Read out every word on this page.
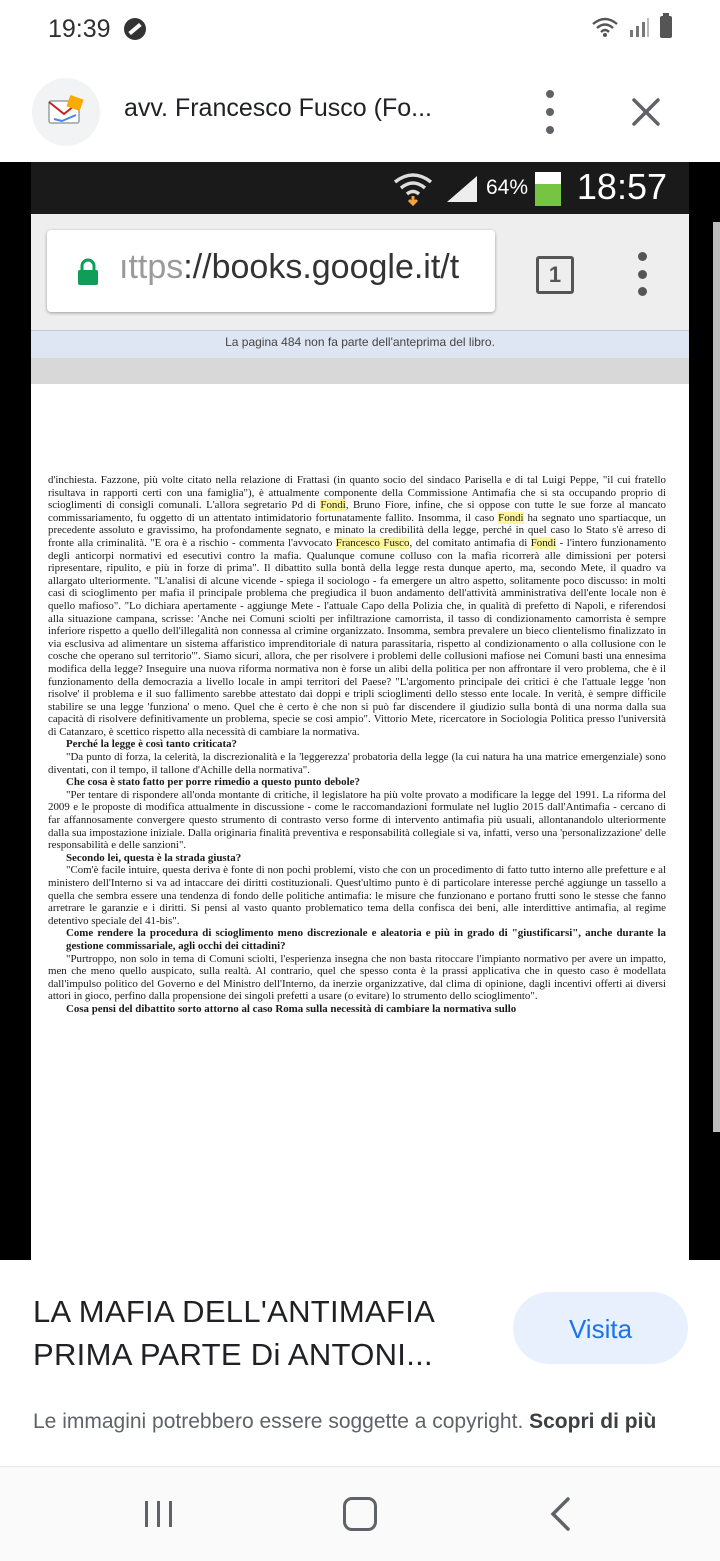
19:39
avv. Francesco Fusco (Fo...
64% 18:57
ıttps://books.google.it/t	1
La pagina 484 non fa parte dell'anteprima del libro.

d'inchiesta. Fazzone, più volte citato nella relazione di Frattasi (in quanto socio del sindaco Parisella e di tal Luigi Peppe, "il cui fratello risultava in rapporti certi con una famiglia"), è attualmente componente della Commissione Antimafia che si sta occupando proprio di scioglimenti di consigli comunali. L'allora segretario Pd di Fondi, Bruno Fiore, infine, che si oppose con tutte le sue forze al mancato commissariamento, fu oggetto di un attentato intimidatorio fortunatamente fallito. Insomma, il caso Fondi ha segnato uno spartiacque, un precedente assoluto e gravissimo, ha profondamente segnato, e minato la credibilità della legge, perché in quel caso lo Stato s'è arreso di fronte alla criminalità. "E ora è a rischio - commenta l'avvocato Francesco Fusco, del comitato antimafia di Fondi - l'intero funzionamento degli anticorpi normativi ed esecutivi contro la mafia. Qualunque comune colluso con la mafia ricorrerà alle dimissioni per potersi ripresentare, ripulito, e più in forze di prima". Il dibattito sulla bontà della legge resta dunque aperto, ma, secondo Mete, il quadro va allargato ulteriormente. "L'analisi di alcune vicende - spiega il sociologo - fa emergere un altro aspetto, solitamente poco discusso: in molti casi di scioglimento per mafia il principale problema che pregiudica il buon andamento dell'attività amministrativa dell'ente locale non è quello mafioso". "Lo dichiara apertamente - aggiunge Mete - l'attuale Capo della Polizia che, in qualità di prefetto di Napoli, e riferendosi alla situazione campana, scrisse: 'Anche nei Comuni sciolti per infiltrazione camorrista, il tasso di condizionamento camorrista è sempre inferiore rispetto a quello dell'illegalità non connessa al crimine organizzato. Insomma, sembra prevalere un bieco clientelismo finalizzato in via esclusiva ad alimentare un sistema affaristico imprenditoriale di natura parassitaria, rispetto al condizionamento o alla collusione con le cosche che operano sul territorio'". Siamo sicuri, allora, che per risolvere i problemi delle collusioni mafiose nei Comuni basti una ennesima modifica della legge? Inseguire una nuova riforma normativa non è forse un alibi della politica per non affrontare il vero problema, che è il funzionamento della democrazia a livello locale in ampi territori del Paese? "L'argomento principale dei critici è che l'attuale legge 'non risolve' il problema e il suo fallimento sarebbe attestato dai doppi e tripli scioglimenti dello stesso ente locale. In verità, è sempre difficile stabilire se una legge 'funziona' o meno. Quel che è certo è che non si può far discendere il giudizio sulla bontà di una norma dalla sua capacità di risolvere definitivamente un problema, specie se così ampio". Vittorio Mete, ricercatore in Sociologia Politica presso l'università di Catanzaro, è scettico rispetto alla necessità di cambiare la normativa.

Perché la legge è così tanto criticata?

"Da punto di forza, la celerità, la discrezionalità e la 'leggerezza' probatoria della legge (la cui natura ha una matrice emergenziale) sono diventati, con il tempo, il tallone d'Achille della normativa".

Che cosa è stato fatto per porre rimedio a questo punto debole?

"Per tentare di rispondere all'onda montante di critiche, il legislatore ha più volte provato a modificare la legge del 1991. La riforma del 2009 e le proposte di modifica attualmente in discussione - come le raccomandazioni formulate nel luglio 2015 dall'Antimafia - cercano di far affannosamente convergere questo strumento di contrasto verso forme di intervento antimafia più usuali, allontanandolo ulteriormente dalla sua impostazione iniziale. Dalla originaria finalità preventiva e responsabilità collegiale si va, infatti, verso una 'personalizzazione' delle responsabilità e delle sanzioni".

Secondo lei, questa è la strada giusta?

"Com'è facile intuire, questa deriva è fonte di non pochi problemi, visto che con un procedimento di fatto tutto interno alle prefetture e al ministero dell'Interno si va ad intaccare dei diritti costituzionali. Quest'ultimo punto è di particolare interesse perché aggiunge un tassello a quella che sembra essere una tendenza di fondo delle politiche antimafia: le misure che funzionano e portano frutti sono le stesse che fanno arretrare le garanzie e i diritti. Si pensi al vasto quanto problematico tema della confisca dei beni, alle interdittive antimafia, al regime detentivo speciale del 41-bis".

Come rendere la procedura di scioglimento meno discrezionale e aleatoria e più in grado di "giustificarsi", anche durante la gestione commissariale, agli occhi dei cittadini?

"Purtroppo, non solo in tema di Comuni sciolti, l'esperienza insegna che non basta ritoccare l'impianto normativo per avere un impatto, men che meno quello auspicato, sulla realtà. Al contrario, quel che spesso conta è la prassi applicativa che in questo caso è modellata dall'impulso politico del Governo e del Ministro dell'Interno, da inerzie organizzative, dal clima di opinione, dagli incentivi offerti ai diversi attori in gioco, perfino dalla propensione dei singoli prefetti a usare (o evitare) lo strumento dello scioglimento".

Cosa pensi del dibattito sorto attorno al caso Roma sulla necessità di cambiare la normativa sullo

LA MAFIA DELL'ANTIMAFIA PRIMA PARTE Di ANTONI...
Visita
Le immagini potrebbero essere soggette a copyright. Scopri di più
